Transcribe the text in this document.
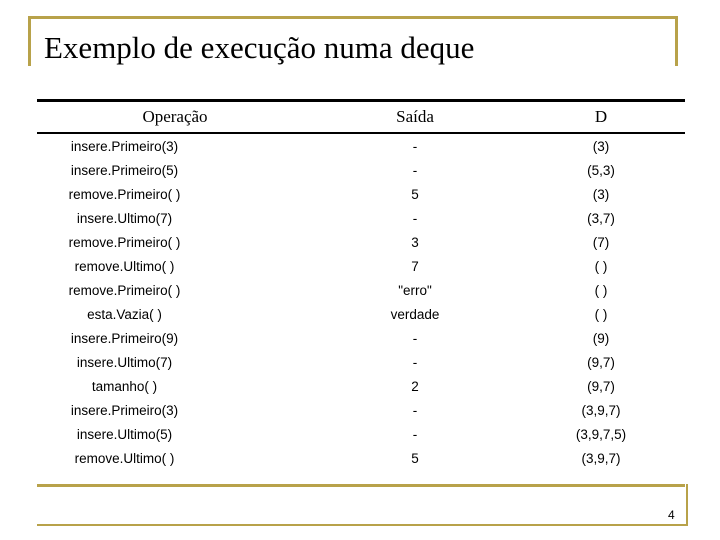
Exemplo de execução numa deque
Operação	Saída	D
insere.Primeiro(3)	-	(3)
insere.Primeiro(5)	-	(5,3)
remove.Primeiro( )	5	(3)
insere.Ultimo(7)	-	(3,7)
remove.Primeiro( )	3	(7)
remove.Ultimo( )	7	( )
remove.Primeiro( )	"erro"	( )
esta.Vazia( )	verdade	( )
insere.Primeiro(9)	-	(9)
insere.Ultimo(7)	-	(9,7)
tamanho( )	2	(9,7)
insere.Primeiro(3)	-	(3,9,7)
insere.Ultimo(5)	-	(3,9,7,5)
remove.Ultimo( )	5	(3,9,7)
4
